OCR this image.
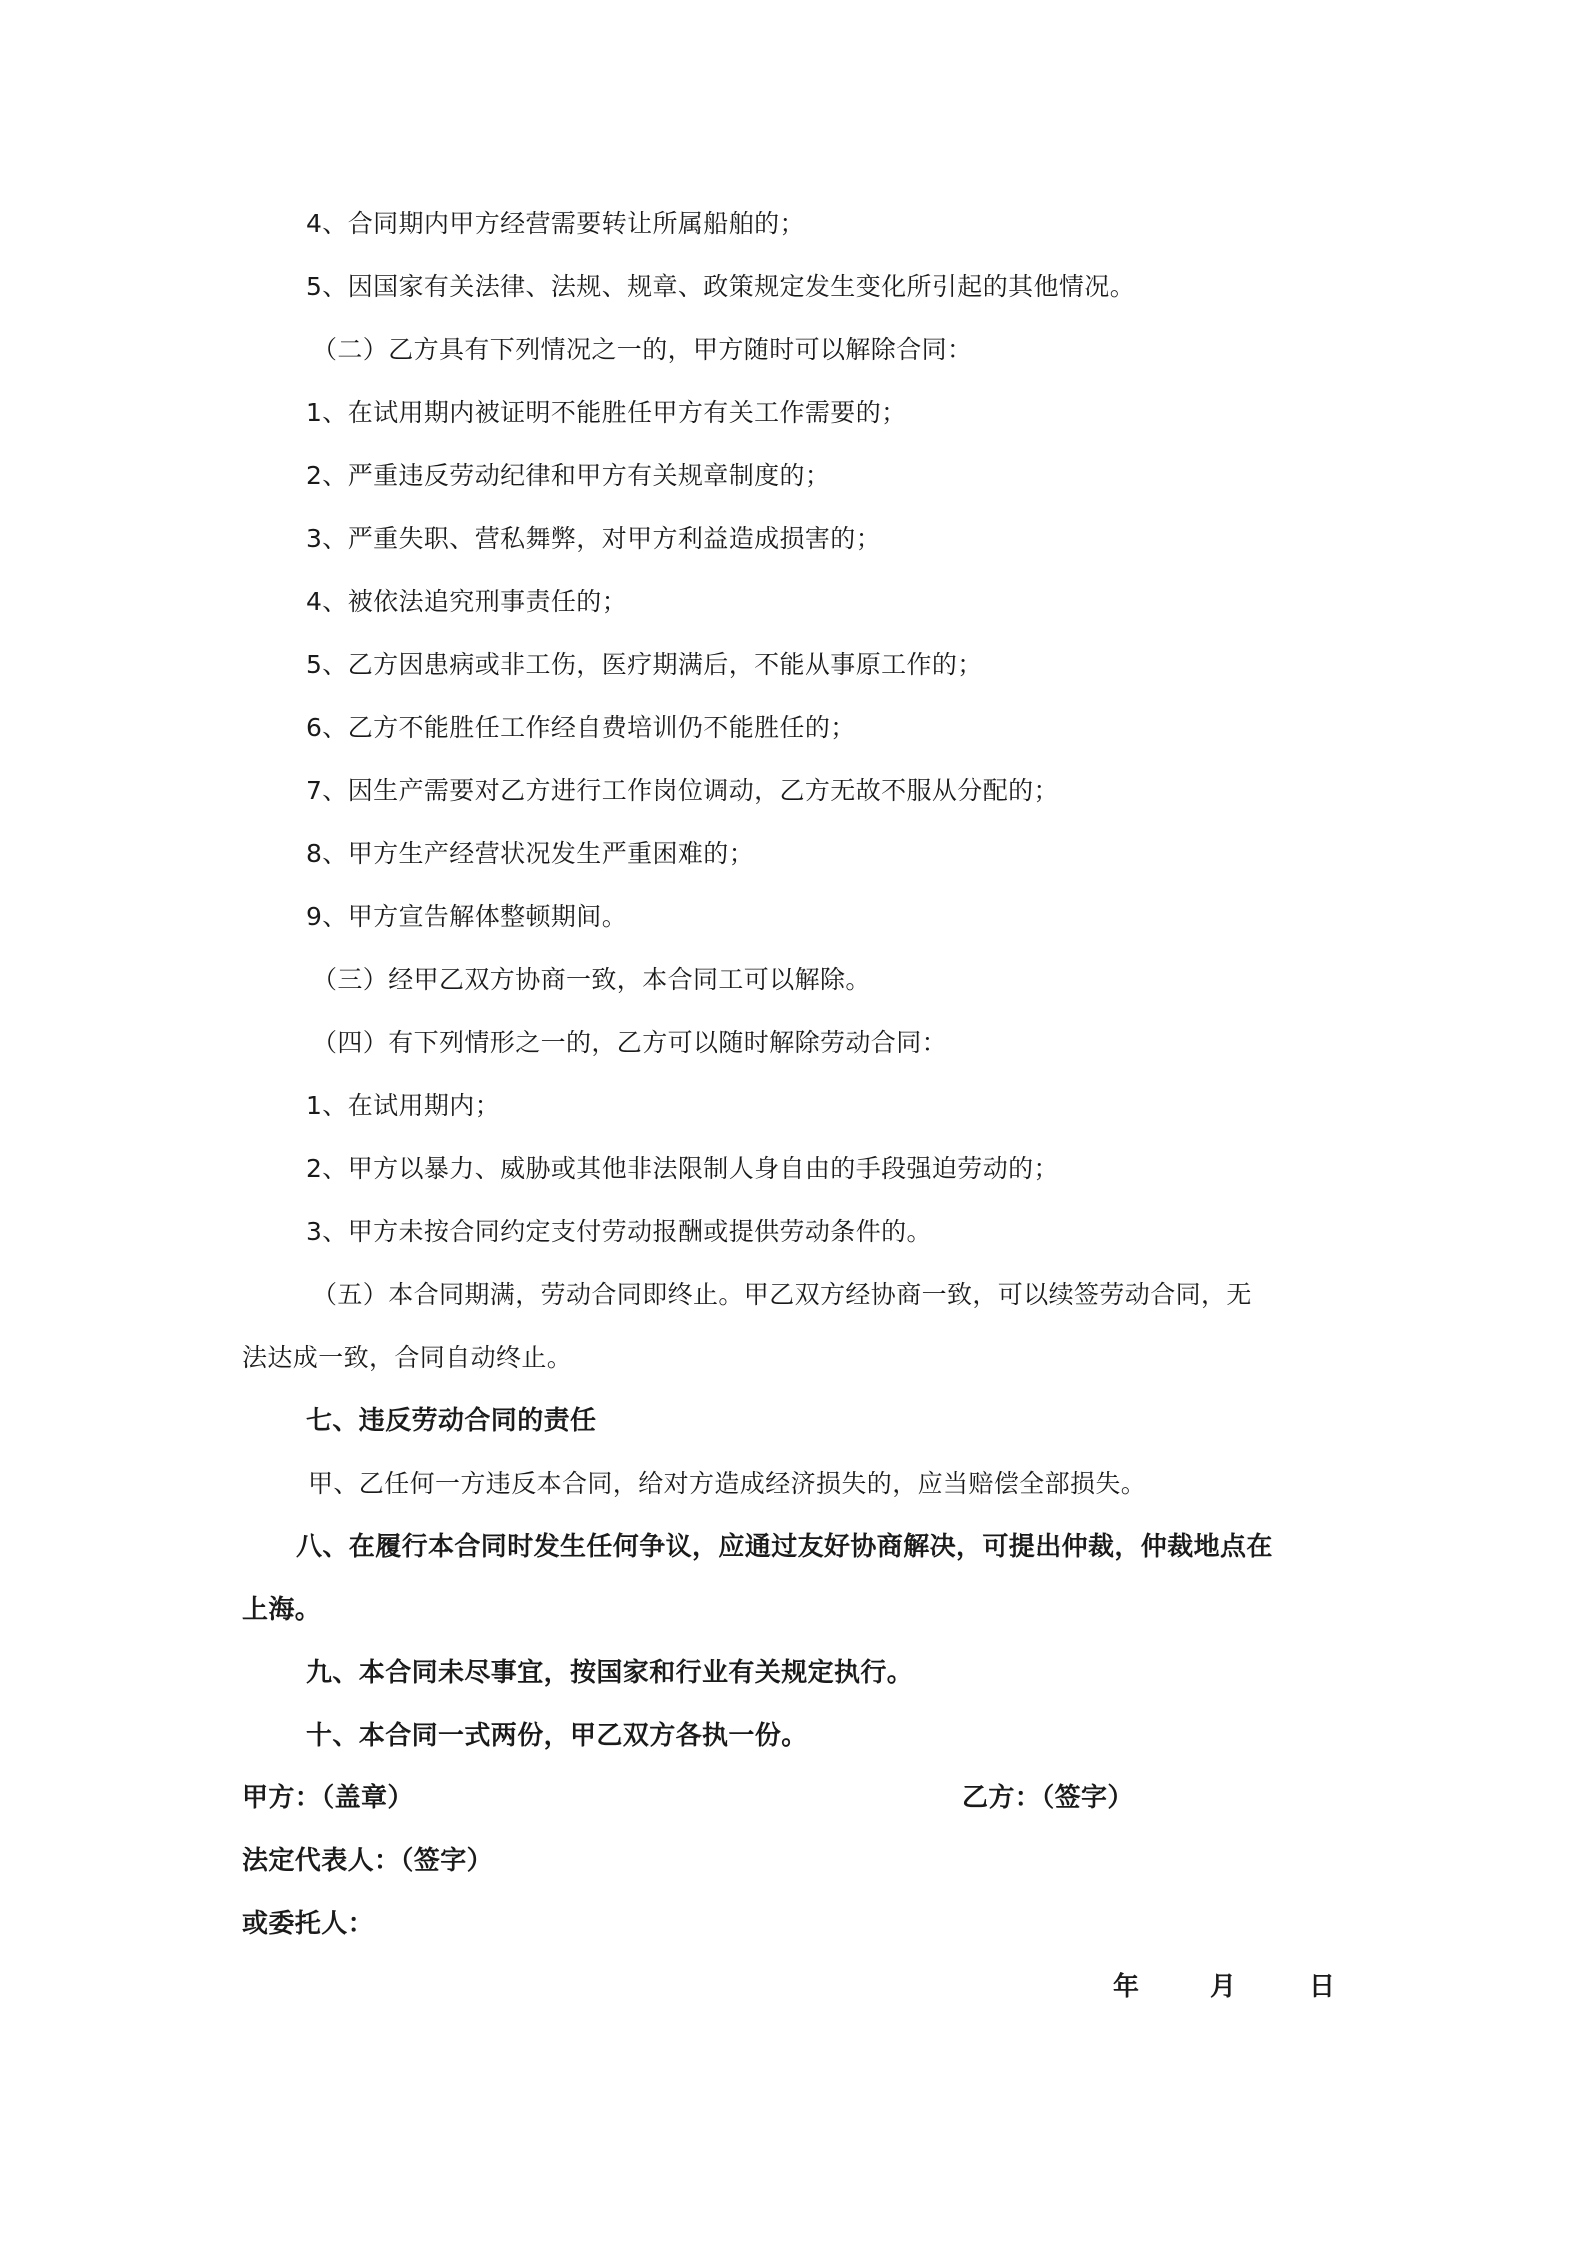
4、合同期内甲方经营需要转让所属船舶的；
5、因国家有关法律、法规、规章、政策规定发生变化所引起的其他情况。
（二）乙方具有下列情况之一的，甲方随时可以解除合同：
1、在试用期内被证明不能胜任甲方有关工作需要的；
2、严重违反劳动纪律和甲方有关规章制度的；
3、严重失职、营私舞弊，对甲方利益造成损害的；
4、被依法追究刑事责任的；
5、乙方因患病或非工伤，医疗期满后，不能从事原工作的；
6、乙方不能胜任工作经自费培训仍不能胜任的；
7、因生产需要对乙方进行工作岗位调动，乙方无故不服从分配的；
8、甲方生产经营状况发生严重困难的；
9、甲方宣告解体整顿期间。
（三）经甲乙双方协商一致，本合同工可以解除。
（四）有下列情形之一的，乙方可以随时解除劳动合同：
1、在试用期内；
2、甲方以暴力、威胁或其他非法限制人身自由的手段强迫劳动的；
3、甲方未按合同约定支付劳动报酬或提供劳动条件的。
（五）本合同期满，劳动合同即终止。甲乙双方经协商一致，可以续签劳动合同，无
法达成一致，合同自动终止。
七、违反劳动合同的责任
甲、乙任何一方违反本合同，给对方造成经济损失的，应当赔偿全部损失。
八、在履行本合同时发生任何争议，应通过友好协商解决，可提出仲裁，仲裁地点在
上海。
九、本合同未尽事宜，按国家和行业有关规定执行。
十、本合同一式两份，甲乙双方各执一份。
甲方：（盖章）	乙方：（签字）
法定代表人：（签字）
或委托人：
年	月	日
